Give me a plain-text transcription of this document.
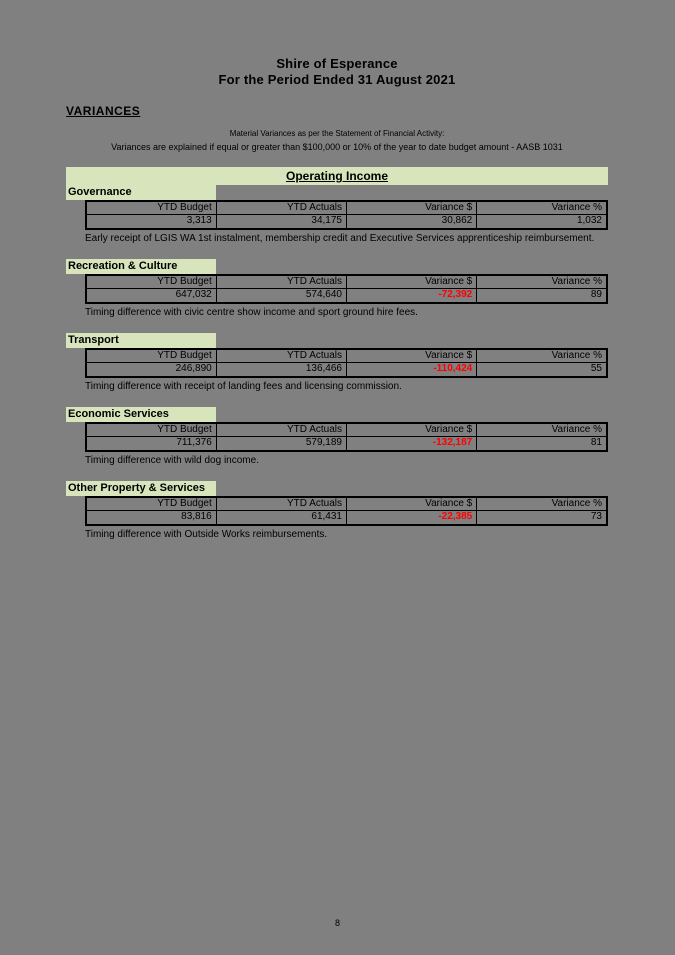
Shire of Esperance
For the Period Ended 31 August 2021
VARIANCES
Material Variances as per the Statement of Financial Activity:
Variances are explained if equal or greater than $100,000 or 10% of the year to date budget amount - AASB 1031
Operating Income
Governance
YTD Budget	YTD Actuals	Variance $	Variance %
3,313	34,175	30,862	1,032
Early receipt of LGIS WA 1st instalment, membership credit and Executive Services apprenticeship reimbursement.
Recreation & Culture
YTD Budget	YTD Actuals	Variance $	Variance %
647,032	574,640	-72,392	89
Timing difference with civic centre show income and sport ground hire fees.
Transport
YTD Budget	YTD Actuals	Variance $	Variance %
246,890	136,466	-110,424	55
Timing difference with receipt of landing fees and licensing commission.
Economic Services
YTD Budget	YTD Actuals	Variance $	Variance %
711,376	579,189	-132,187	81
Timing difference with wild dog income.
Other Property & Services
YTD Budget	YTD Actuals	Variance $	Variance %
83,816	61,431	-22,385	73
Timing difference with Outside Works reimbursements.
8
